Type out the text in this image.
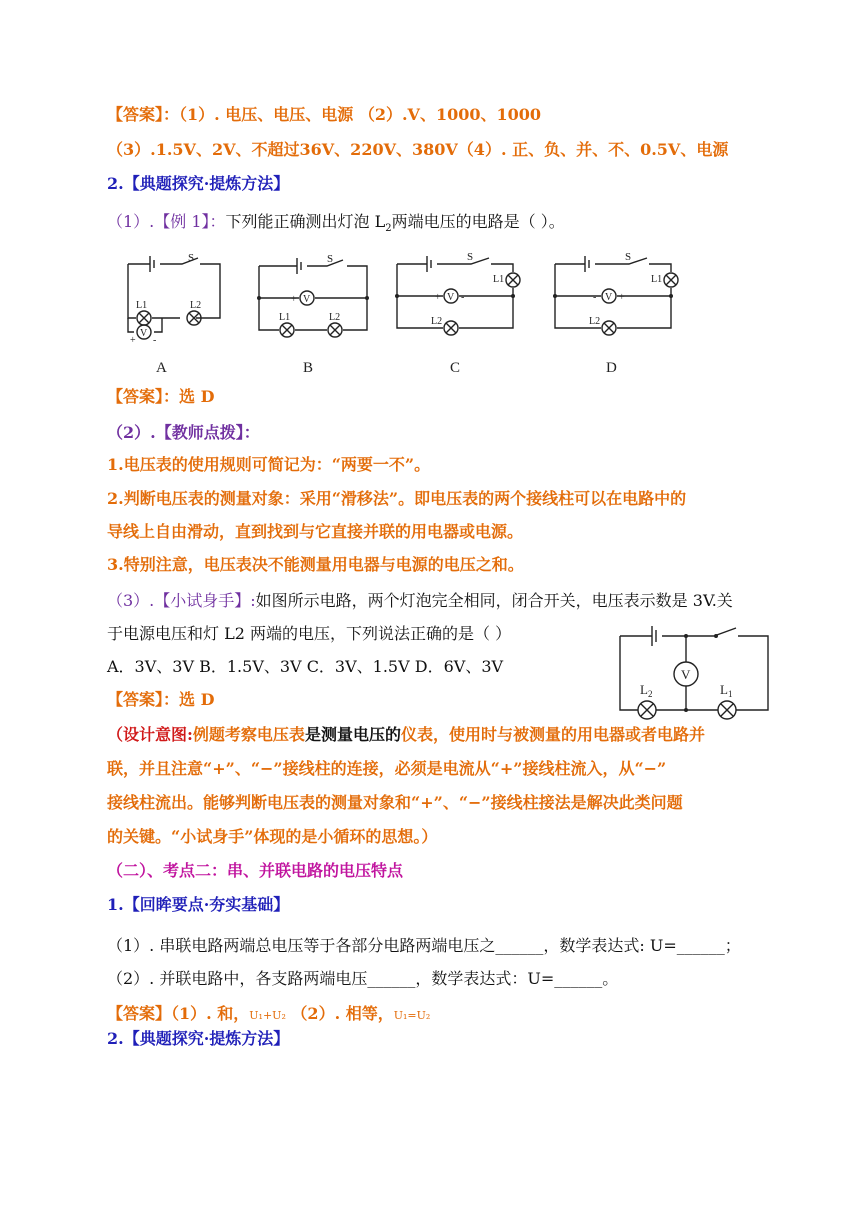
【答案】：（1）. 电压、电压、电源 （2）.V、1000、1000
（3）.1.5V、2V、不超过36V、220V、380V（4）. 正、负、并、不、0.5V、电源
2.【典题探究·提炼方法】
（1）.【例 1】：下列能正确测出灯泡 $L_2$两端电压的电路是（ ）。
S
L1	L2
V
+ -
A
S
V
+
L1	L2
B
S
L1
V
+ -
L2
C
S
L1
V
- +
L2
D
【答案】：选 D
（2）.【教师点拨】：
1.电压表的使用规则可简记为：“两要一不”。
2.判断电压表的测量对象：采用“滑移法”。即电压表的两个接线柱可以在电路中的
导线上自由滑动，直到找到与它直接并联的用电器或电源。
3.特别注意，电压表决不能测量用电器与电源的电压之和。
（3）.【小试身手】:如图所示电路，两个灯泡完全相同，闭合开关，电压表示数是 3V.关
于电源电压和灯 L2 两端的电压，下列说法正确的是（ ）
A．3V、3V B．1.5V、3V C．3V、1.5V D．6V、3V	V
$L_2$	$L_1$
【答案】：选 D
（设计意图:例题考察电压表是测量电压的仪表，使用时与被测量的用电器或者电路并
联，并且注意“+”、“−”接线柱的连接，必须是电流从“+”接线柱流入，从“−”
接线柱流出。能够判断电压表的测量对象和“+”、“−”接线柱接法是解决此类问题
的关键。“小试身手”体现的是小循环的思想。）
（二）、考点二：串、并联电路的电压特点
1.【回眸要点·夯实基础】
（1）. 串联电路两端总电压等于各部分电路两端电压之______，数学表达式: U=______；
（2）. 并联电路中，各支路两端电压______，数学表达式：U=______。
【答案】（1）. 和，U₁+U₂ （2）. 相等，U₁=U₂
2.【典题探究·提炼方法】
